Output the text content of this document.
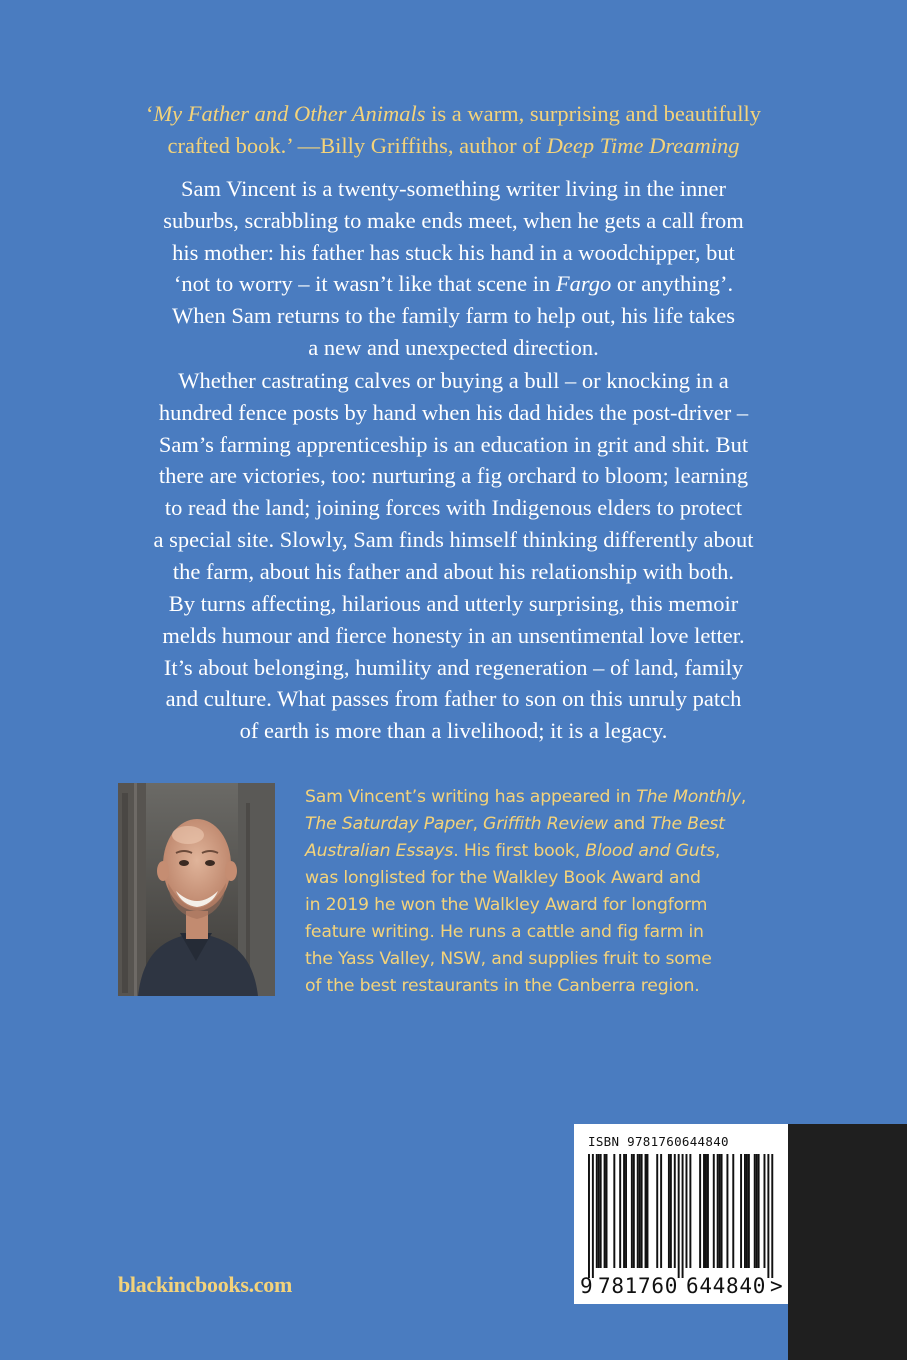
‘My Father and Other Animals is a warm, surprising and beautifully
crafted book.’ —Billy Griffiths, author of Deep Time Dreaming
Sam Vincent is a twenty-something writer living in the inner
suburbs, scrabbling to make ends meet, when he gets a call from
his mother: his father has stuck his hand in a woodchipper, but
‘not to worry – it wasn’t like that scene in Fargo or anything’.
When Sam returns to the family farm to help out, his life takes
a new and unexpected direction.
Whether castrating calves or buying a bull – or knocking in a
hundred fence posts by hand when his dad hides the post-driver –
Sam’s farming apprenticeship is an education in grit and shit. But
there are victories, too: nurturing a fig orchard to bloom; learning
to read the land; joining forces with Indigenous elders to protect
a special site. Slowly, Sam finds himself thinking differently about
the farm, about his father and about his relationship with both.
By turns affecting, hilarious and utterly surprising, this memoir
melds humour and fierce honesty in an unsentimental love letter.
It’s about belonging, humility and regeneration – of land, family
and culture. What passes from father to son on this unruly patch
of earth is more than a livelihood; it is a legacy.
Sam Vincent’s writing has appeared in The Monthly,
The Saturday Paper, Griffith Review and The Best
Australian Essays. His first book, Blood and Guts,
was longlisted for the Walkley Book Award and
in 2019 he won the Walkley Award for longform
feature writing. He runs a cattle and fig farm in
the Yass Valley, NSW, and supplies fruit to some
of the best restaurants in the Canberra region.
blackincbooks.com
ISBN 9781760644840
9 781760 644840 >
